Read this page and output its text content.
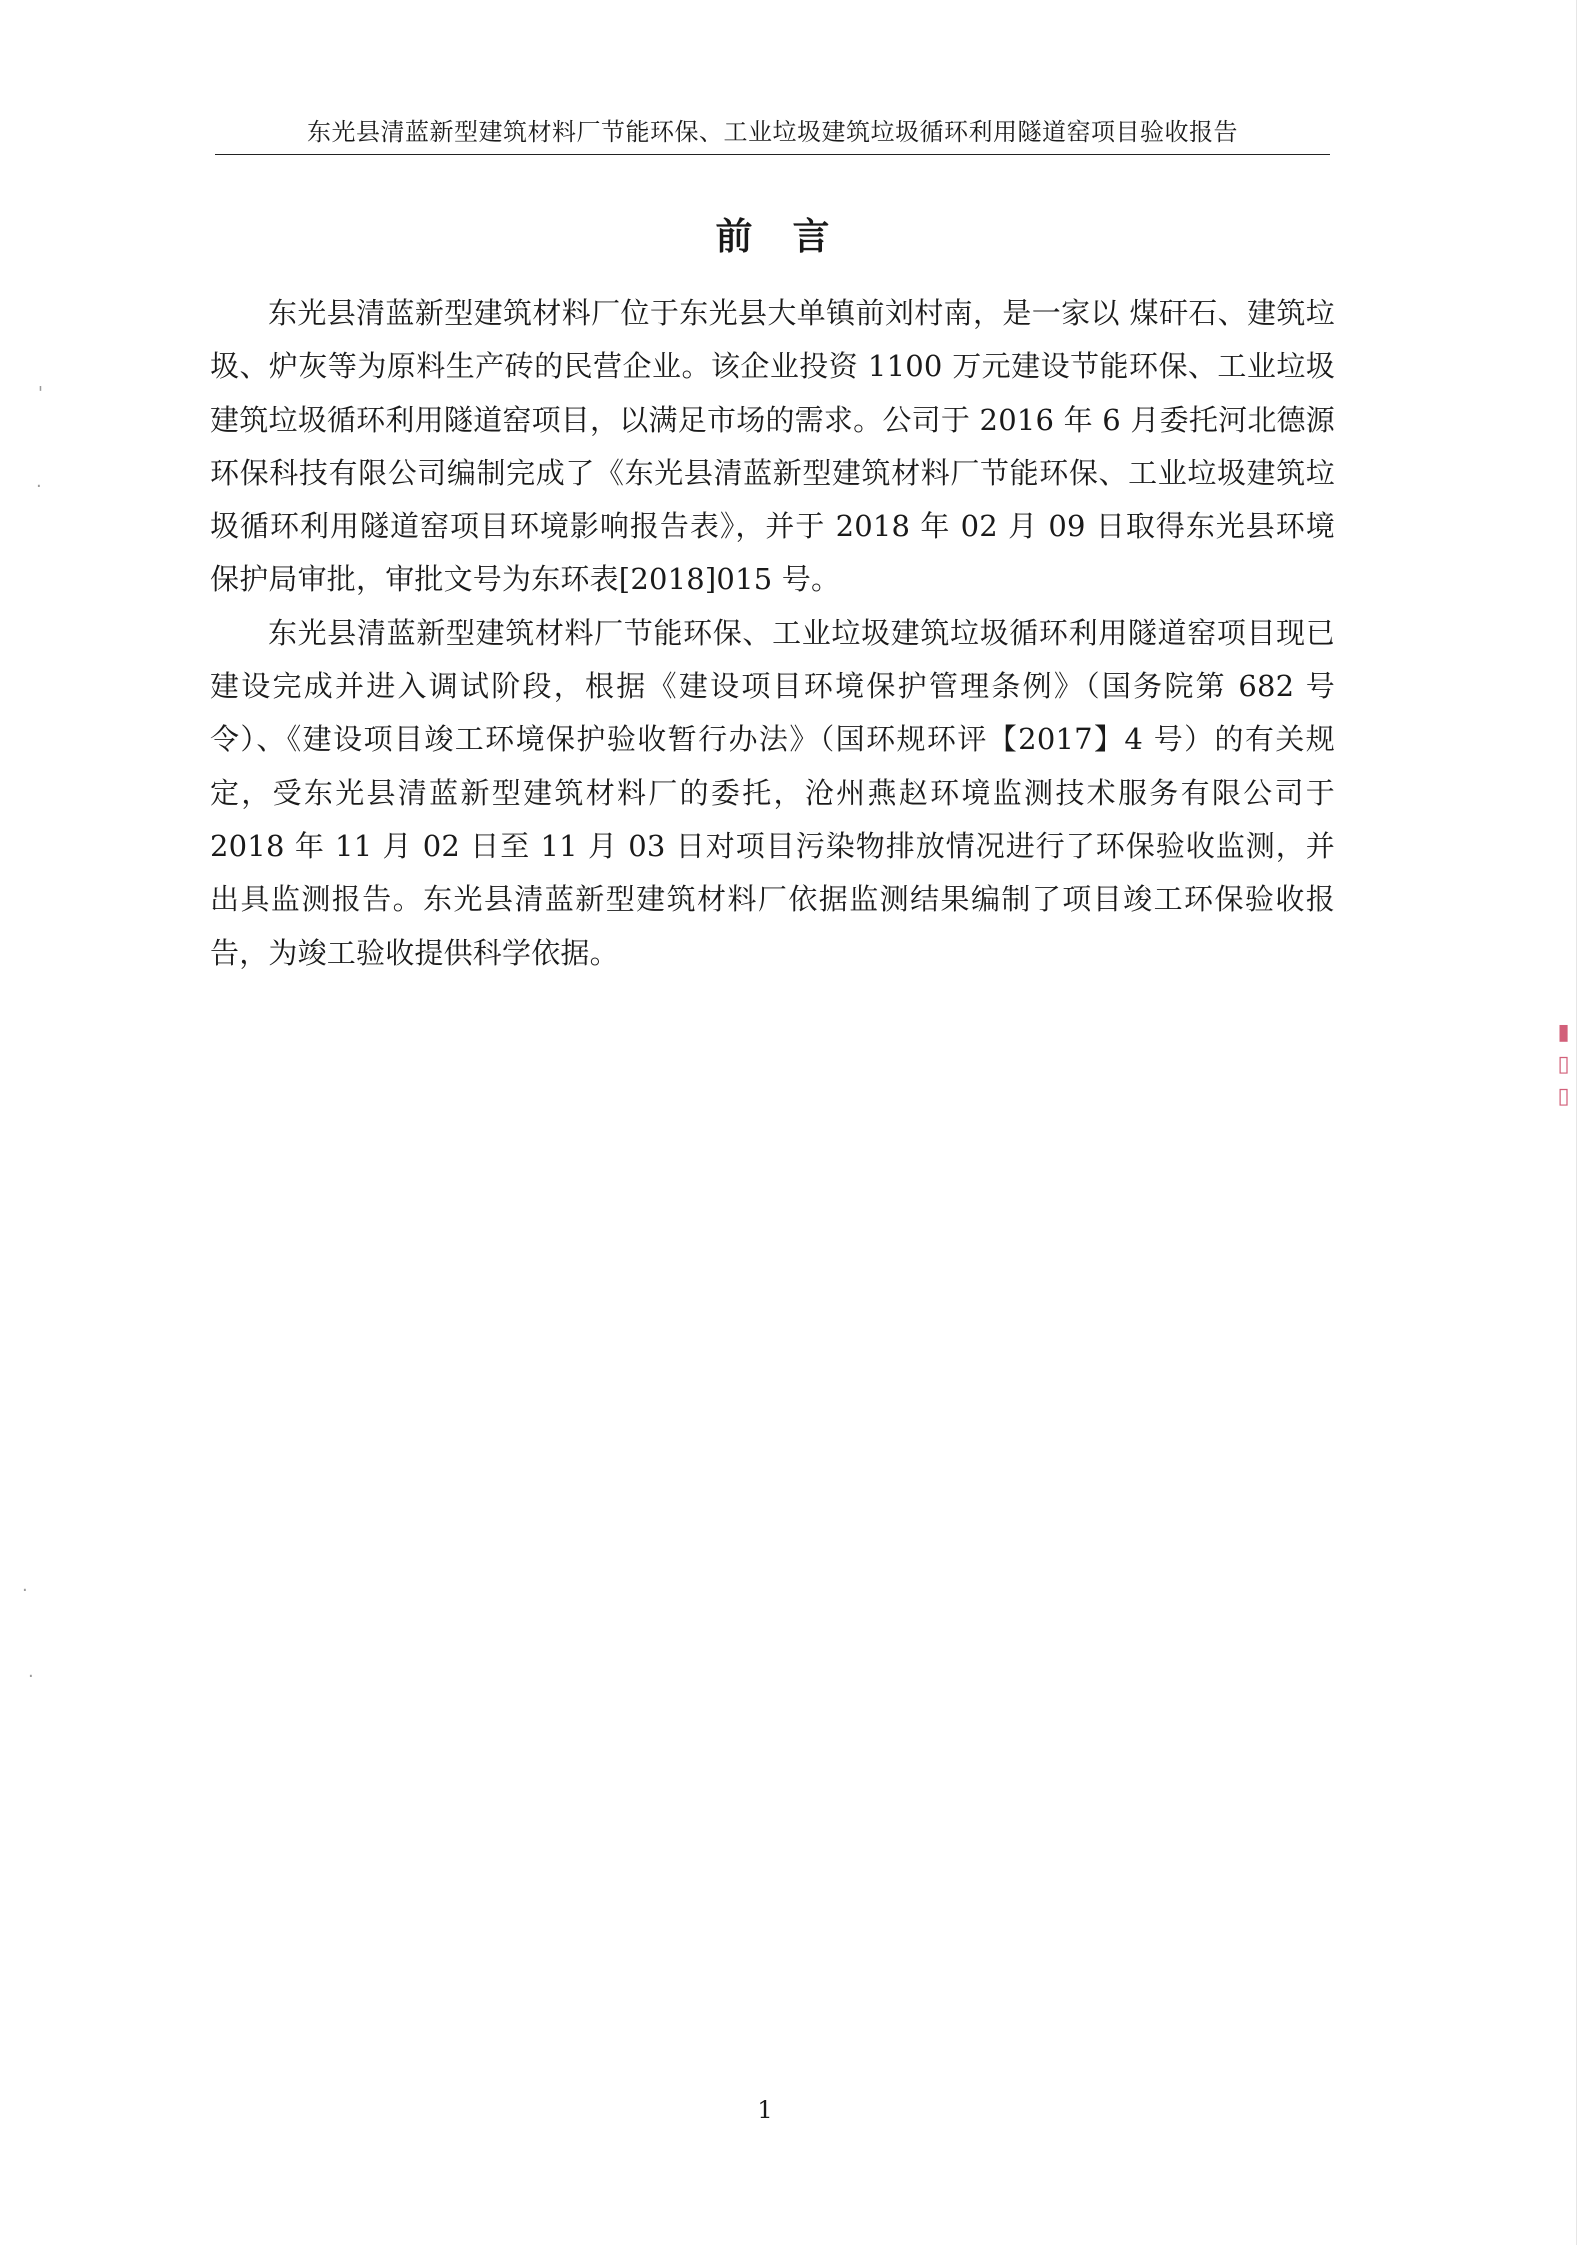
东光县清蓝新型建筑材料厂节能环保、工业垃圾建筑垃圾循环利用隧道窑项目验收报告
前言

东光县清蓝新型建筑材料厂位于东光县大单镇前刘村南，是一家以 煤矸石、建筑垃圾、炉灰等为原料生产砖的民营企业。该企业投资 1100 万元建设节能环保、工业垃圾建筑垃圾循环利用隧道窑项目，以满足市场的需求。公司于 2016 年 6 月委托河北德源环保科技有限公司编制完成了《东光县清蓝新型建筑材料厂节能环保、工业垃圾建筑垃圾循环利用隧道窑项目环境影响报告表》，并于 2018 年 02 月 09 日取得东光县环境保护局审批，审批文号为东环表[2018]015 号。

东光县清蓝新型建筑材料厂节能环保、工业垃圾建筑垃圾循环利用隧道窑项目现已建设完成并进入调试阶段，根据《建设项目环境保护管理条例》（国务院第 682 号令）、《建设项目竣工环境保护验收暂行办法》（国环规环评【2017】4 号）的有关规定，受东光县清蓝新型建筑材料厂的委托，沧州燕赵环境监测技术服务有限公司于 2018 年 11 月 02 日至 11 月 03 日对项目污染物排放情况进行了环保验收监测，并出具监测报告。东光县清蓝新型建筑材料厂依据监测结果编制了项目竣工环保验收报告，为竣工验收提供科学依据。

1
'
·
·
·
▮ ▯ ▯
